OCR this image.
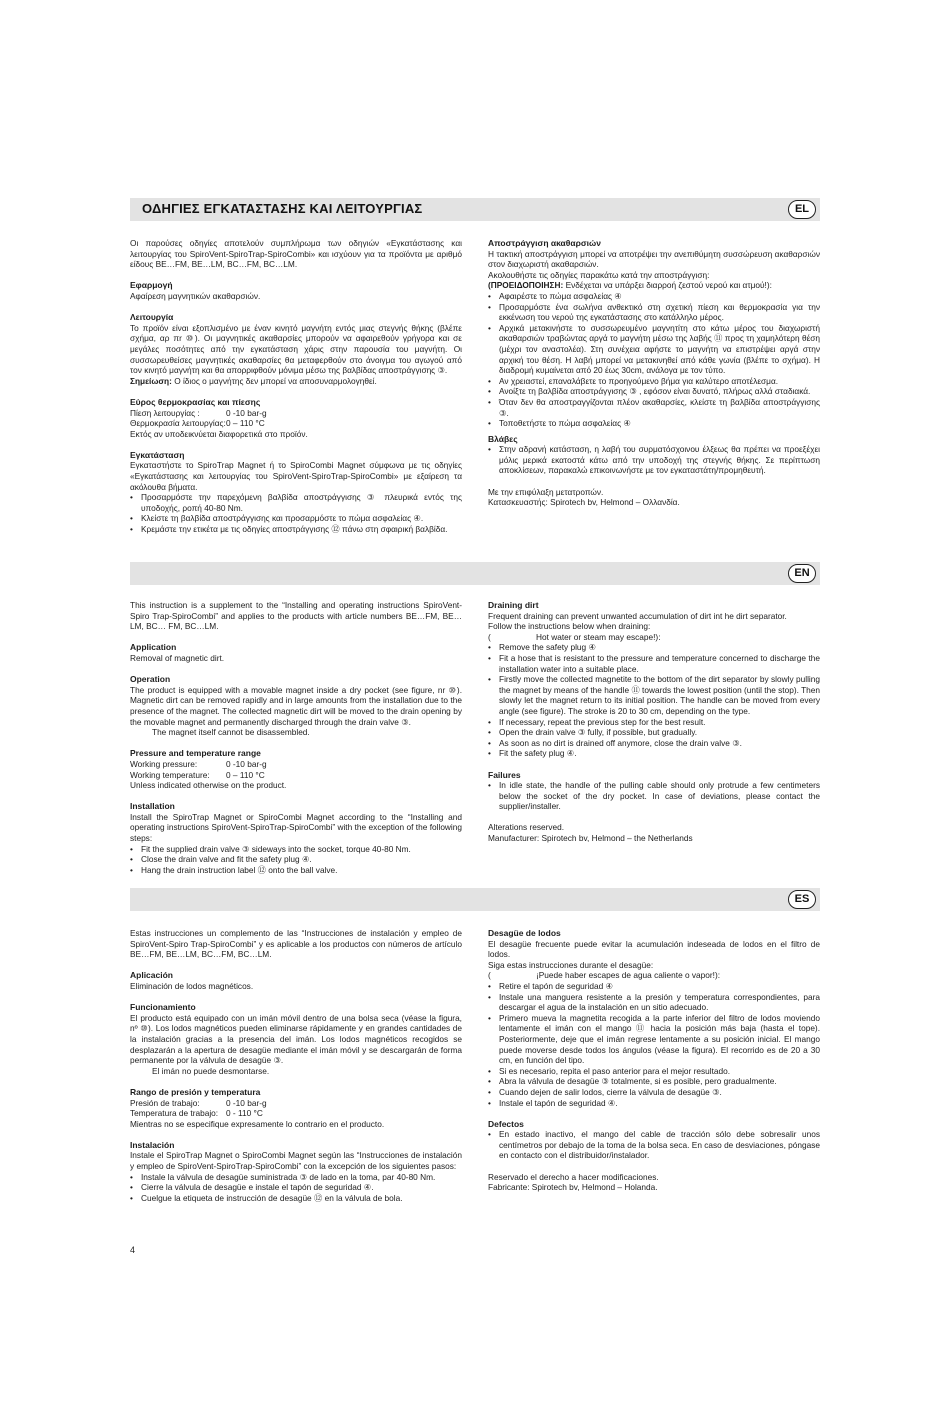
ΟΔΗΓΙΕΣ ΕΓΚΑΤΑΣΤΑΣΗΣ ΚΑΙ ΛΕΙΤΟΥΡΓΙΑΣ	EL

Οι παρούσες οδηγίες αποτελούν συμπλήρωμα των οδηγιών «Εγκατάστασης και λειτουργίας του SpiroVent-SpiroTrap-SpiroCombi» και ισχύουν για τα προϊόντα με αριθμό είδους BE…FM, BE…LM, BC…FM, BC…LM.

Εφαρμογή

Αφαίρεση μαγνητικών ακαθαρσιών.

Λειτουργία

Το προϊόν είναι εξοπλισμένο με έναν κινητό μαγνήτη εντός μιας στεγνής θήκης (βλέπε σχήμα, αρ πr ⑩). Οι μαγνητικές ακαθαρσίες μπορούν να αφαιρεθούν γρήγορα και σε μεγάλες ποσότητες από την εγκατάσταση χάρις στην παρουσία του μαγνήτη. Οι συσσωρευθείσες μαγνητικές ακαθαρσίες θα μεταφερθούν στο άνοιγμα του αγωγού από τον κινητό μαγνήτη και θα απορριφθούν μόνιμα μέσω της βαλβίδας αποστράγγισης ③.

Σημείωση: Ο ίδιος ο μαγνήτης δεν μπορεί να αποσυναρμολογηθεί.

Εύρος θερμοκρασίας και πίεσης
Πίεση λειτουργίας :	0 -10 bar-g
Θερμοκρασία λειτουργίας: 0 – 110 °C

Εκτός αν υποδεικνύεται διαφορετικά στο προϊόν.

Εγκατάσταση

Εγκαταστήστε το SpiroTrap Magnet ή το SpiroCombi Magnet σύμφωνα με τις οδηγίες «Εγκατάστασης και λειτουργίας του SpiroVent-SpiroTrap-SpiroCombi» με εξαίρεση τα ακόλουθα βήματα.

• Προσαρμόστε την παρεχόμενη βαλβίδα αποστράγγισης ③ πλευρικά εντός της υποδοχής, ροπή 40-80 Nm.
• Κλείστε τη βαλβίδα αποστράγγισης και προσαρμόστε το πώμα ασφαλείας ④.
• Κρεμάστε την ετικέτα με τις οδηγίες αποστράγγισης ⑫ πάνω στη σφαιρική βαλβίδα.
Αποστράγγιση ακαθαρσιών

Η τακτική αποστράγγιση μπορεί να αποτρέψει την ανεπιθύμητη συσσώρευση ακαθαρσιών στον διαχωριστή ακαθαρσιών.

Ακολουθήστε τις οδηγίες παρακάτω κατά την αποστράγγιση:

(ΠΡΟΕΙΔΟΠΟΙΗΣΗ: Ενδέχεται να υπάρξει διαρροή ζεστού νερού και ατμού!):

• Αφαιρέστε το πώμα ασφαλείας ④
• Προσαρμόστε ένα σωλήνα ανθεκτικό στη σχετική πίεση και θερμοκρασία για την εκκένωση του νερού της εγκατάστασης στο κατάλληλο μέρος.
• Αρχικά μετακινήστε το συσσωρευμένο μαγνητίτη στο κάτω μέρος του διαχωριστή ακαθαρσιών τραβώντας αργά το μαγνήτη μέσω της λαβής ⑪ προς τη χαμηλότερη θέση (μέχρι τον αναστολέα). Στη συνέχεια αφήστε το μαγνήτη να επιστρέψει αργά στην αρχική του θέση. Η λαβή μπορεί να μετακινηθεί από κάθε γωνία (βλέπε το σχήμα). Η διαδρομή κυμαίνεται από 20 έως 30cm, ανάλογα με τον τύπο.
• Αν χρειαστεί, επαναλάβετε το προηγούμενο βήμα για καλύτερο αποτέλεσμα.
• Ανοίξτε τη βαλβίδα αποστράγγισης ③ , εφόσον είναι δυνατό, πλήρως αλλά σταδιακά.
• Όταν δεν θα αποστραγγίζονται πλέον ακαθαρσίες, κλείστε τη βαλβίδα αποστράγγισης ③.
• Τοποθετήστε το πώμα ασφαλείας ④
Βλάβες
• Στην αδρανή κατάσταση, η λαβή του συρματόσχοινου έλξεως θα πρέπει να προεξέχει μόλις μερικά εκατοστά κάτω από την υποδοχή της στεγνής θήκης. Σε περίπτωση αποκλίσεων, παρακαλώ επικοινωνήστε με τον εγκαταστάτη/προμηθευτή.

Με την επιφύλαξη μετατροπών.

Κατασκευαστής: Spirotech bv, Helmond – Ολλανδία.

EN

This instruction is a supplement to the “Installing and operating instructions SpiroVent-Spiro Trap-SpiroCombi” and applies to the products with article numbers BE…FM, BE…LM, BC… FM, BC…LM.

Application

Removal of magnetic dirt.

Operation

The product is equipped with a movable magnet inside a dry pocket (see figure, nr ⑩). Magnetic dirt can be removed rapidly and in large amounts from the installation due to the presence of the magnet. The collected magnetic dirt will be moved to the drain opening by the movable magnet and permanently discharged through the drain valve ③.

The magnet itself cannot be disassembled.

Pressure and temperature range
Working pressure:	0 -10 bar-g
Working temperature:	0 – 110 °C

Unless indicated otherwise on the product.

Installation

Install the SpiroTrap Magnet or SpiroCombi Magnet according to the “Installing and operating instructions SpiroVent-SpiroTrap-SpiroCombi” with the exception of the following steps:

• Fit the supplied drain valve ③ sideways into the socket, torque 40-80 Nm.
• Close the drain valve and fit the safety plug ④.
• Hang the drain instruction label ⑫ onto the ball valve.
Draining dirt

Frequent draining can prevent unwanted accumulation of dirt int he dirt separator.

Follow the instructions below when draining:

(	Hot water or steam may escape!):
• Remove the safety plug ④
• Fit a hose that is resistant to the pressure and temperature concerned to discharge the installation water into a suitable place.
• Firstly move the collected magnetite to the bottom of the dirt separator by slowly pulling the magnet by means of the handle ⑪ towards the lowest position (until the stop). Then slowly let the magnet return to its initial position. The handle can be moved from every angle (see figure). The stroke is 20 to 30 cm, depending on the type.
• If necessary, repeat the previous step for the best result.
• Open the drain valve ③ fully, if possible, but gradually.
• As soon as no dirt is drained off anymore, close the drain valve ③.
• Fit the safety plug ④.
Failures
• In idle state, the handle of the pulling cable should only protrude a few centimeters below the socket of the dry pocket. In case of deviations, please contact the supplier/installer.

Alterations reserved.

Manufacturer: Spirotech bv, Helmond – the Netherlands

ES

Estas instrucciones un complemento de las “Instrucciones de instalación y empleo de SpiroVent-Spiro Trap-SpiroCombi” y es aplicable a los productos con números de artículo BE…FM, BE…LM, BC…FM, BC…LM.

Aplicación

Eliminación de lodos magnéticos.

Funcionamiento

El producto está equipado con un imán móvil dentro de una bolsa seca (véase la figura, nº ⑩). Los lodos magnéticos pueden eliminarse rápidamente y en grandes cantidades de la instalación gracias a la presencia del imán. Los lodos magnéticos recogidos se desplazarán a la apertura de desagüe mediante el imán móvil y se descargarán de forma permanente por la válvula de desagüe ③.

El imán no puede desmontarse.

Rango de presión y temperatura
Presión de trabajo:	0 -10 bar-g
Temperatura de trabajo: 0 - 110 °C

Mientras no se especifique expresamente lo contrario en el producto.

Instalación

Instale el SpiroTrap Magnet o SpiroCombi Magnet según las “Instrucciones de instalación y empleo de SpiroVent-SpiroTrap-SpiroCombi” con la excepción de los siguientes pasos:

• Instale la válvula de desagüe suministrada ③ de lado en la toma, par 40-80 Nm.
• Cierre la válvula de desagüe e instale el tapón de seguridad ④.
• Cuelgue la etiqueta de instrucción de desagüe ⑫ en la válvula de bola.
Desagüe de lodos

El desagüe frecuente puede evitar la acumulación indeseada de lodos en el filtro de lodos.

Siga estas instrucciones durante el desagüe:

(	¡Puede haber escapes de agua caliente o vapor!):
• Retire el tapón de seguridad ④
• Instale una manguera resistente a la presión y temperatura correspondientes, para descargar el agua de la instalación en un sitio adecuado.
• Primero mueva la magnetita recogida a la parte inferior del filtro de lodos moviendo lentamente el imán con el mango ⑪ hacia la posición más baja (hasta el tope). Posteriormente, deje que el imán regrese lentamente a su posición inicial. El mango puede moverse desde todos los ángulos (véase la figura). El recorrido es de 20 a 30 cm, en función del tipo.
• Si es necesario, repita el paso anterior para el mejor resultado.
• Abra la válvula de desagüe ③ totalmente, si es posible, pero gradualmente.
• Cuando dejen de salir lodos, cierre la válvula de desagüe ③.
• Instale el tapón de seguridad ④.
Defectos
• En estado inactivo, el mango del cable de tracción sólo debe sobresalir unos centímetros por debajo de la toma de la bolsa seca. En caso de desviaciones, póngase en contacto con el distribuidor/instalador.

Reservado el derecho a hacer modificaciones.

Fabricante: Spirotech bv, Helmond – Holanda.

4
